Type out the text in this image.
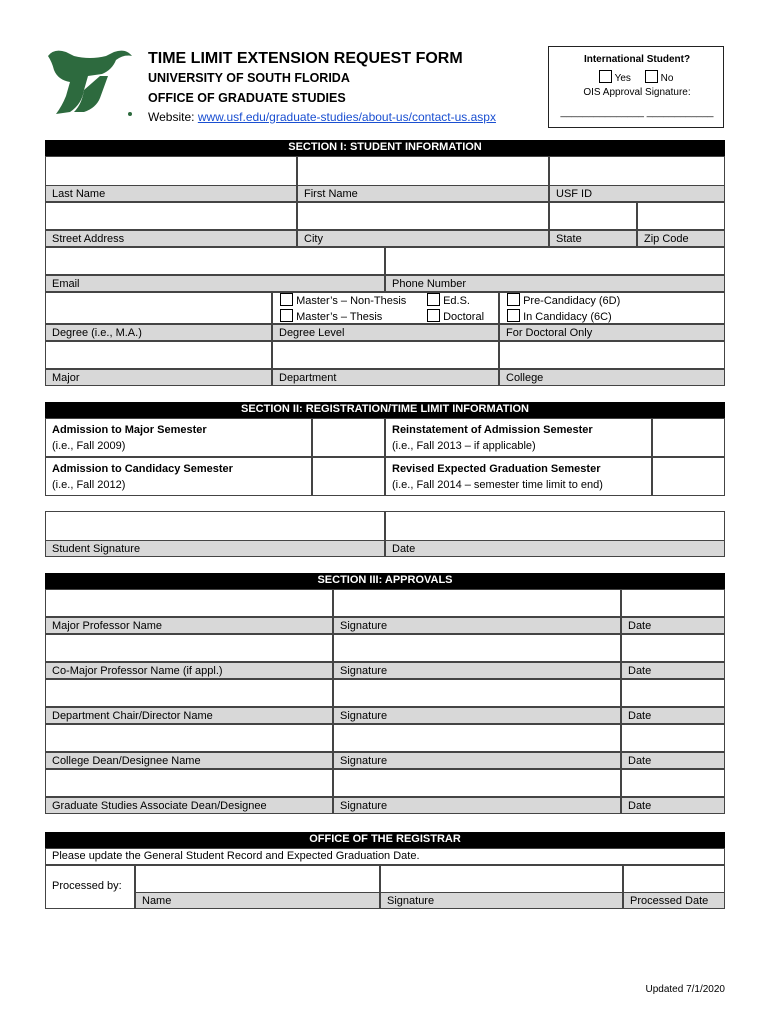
TIME LIMIT EXTENSION REQUEST FORM
UNIVERSITY OF SOUTH FLORIDA
OFFICE OF GRADUATE STUDIES
Website: www.usf.edu/graduate-studies/about-us/contact-us.aspx
International Student?
Yes	No
OIS Approval Signature:
_______________ ____________
SECTION I: STUDENT INFORMATION
Last Name	First Name	USF ID
Street Address	City	State	Zip Code
Email	Phone Number
Master’s – Non-Thesis
Master’s – Thesis
Ed.S.
Doctoral
Pre-Candidacy (6D)
In Candidacy (6C)
Degree (i.e., M.A.)	Degree Level	For Doctoral Only
Major	Department	College
SECTION II: REGISTRATION/TIME LIMIT INFORMATION
Admission to Major Semester
(i.e., Fall 2009)
Reinstatement of Admission Semester
(i.e., Fall 2013 – if applicable)
Admission to Candidacy Semester
(i.e., Fall 2012)
Revised Expected Graduation Semester
(i.e., Fall 2014 – semester time limit to end)
Student Signature	Date
SECTION III: APPROVALS
Major Professor Name	Signature	Date
Co-Major Professor Name (if appl.)	Signature	Date
Department Chair/Director Name	Signature	Date
College Dean/Designee Name	Signature	Date
Graduate Studies Associate Dean/Designee	Signature	Date
OFFICE OF THE REGISTRAR
Please update the General Student Record and Expected Graduation Date.
Processed by:
Name	Signature	Processed Date
Updated 7/1/2020
